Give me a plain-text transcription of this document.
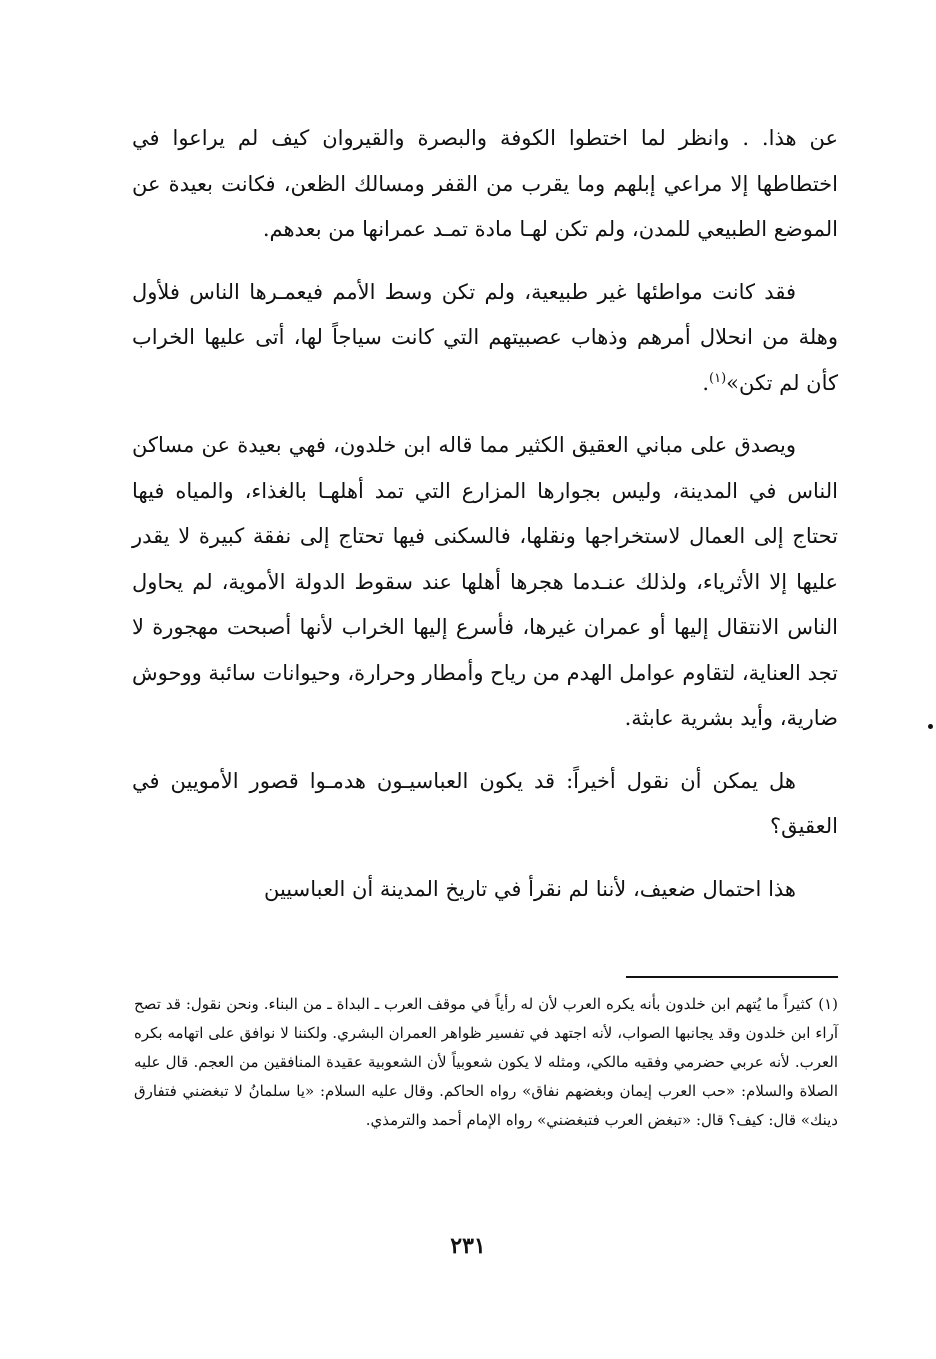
عن هذا. . وانظر لما اختطوا الكوفة والبصرة والقيروان كيف لم يراعوا في اختطاطها إلا مراعي إبلهم وما يقرب من القفر ومسالك الظعن، فكانت بعيدة عن الموضع الطبيعي للمدن، ولم تكن لهـا مادة تمـد عمرانها من بعدهم.

فقد كانت مواطئها غير طبيعية، ولم تكن وسط الأمم فيعمـرها الناس فلأول وهلة من انحلال أمرهم وذهاب عصبيتهم التي كانت سياجاً لها، أتى عليها الخراب كأن لم تكن»$^{(١)}$.

ويصدق على مباني العقيق الكثير مما قاله ابن خلدون، فهي بعيدة عن مساكن الناس في المدينة، وليس بجوارها المزارع التي تمد أهلهـا بالغذاء، والمياه فيها تحتاج إلى العمال لاستخراجها ونقلها، فالسكنى فيها تحتاج إلى نفقة كبيرة لا يقدر عليها إلا الأثرياء، ولذلك عنـدما هجرها أهلها عند سقوط الدولة الأموية، لم يحاول الناس الانتقال إليها أو عمران غيرها، فأسرع إليها الخراب لأنها أصبحت مهجورة لا تجد العناية، لتقاوم عوامل الهدم من رياح وأمطار وحرارة، وحيوانات سائبة ووحوش ضارية، وأيد بشرية عابثة.

هل يمكن أن نقول أخيراً: قد يكون العباسيـون هدمـوا قصور الأمويين في العقيق؟

هذا احتمال ضعيف، لأننا لم نقرأ في تاريخ المدينة أن العباسيين

(١)كثيراً ما يُتهم ابن خلدون بأنه يكره العرب لأن له رأياً في موقف العرب ـ البداة ـ من البناء. ونحن نقول: قد تصح آراء ابن خلدون وقد يجانبها الصواب، لأنه اجتهد في تفسير ظواهر العمران البشري. ولكننا لا نوافق على اتهامه بكره العرب. لأنه عربي حضرمي وفقيه مالكي، ومثله لا يكون شعوبياً لأن الشعوبية عقيدة المنافقين من العجم. قال عليه الصلاة والسلام: «حب العرب إيمان وبغضهم نفاق» رواه الحاكم. وقال عليه السلام: «يا سلمانُ لا تبغضني فتفارق دينك» قال: كيف؟ قال: «تبغض العرب فتبغضني» رواه الإمام أحمد والترمذي.
٢٣١
